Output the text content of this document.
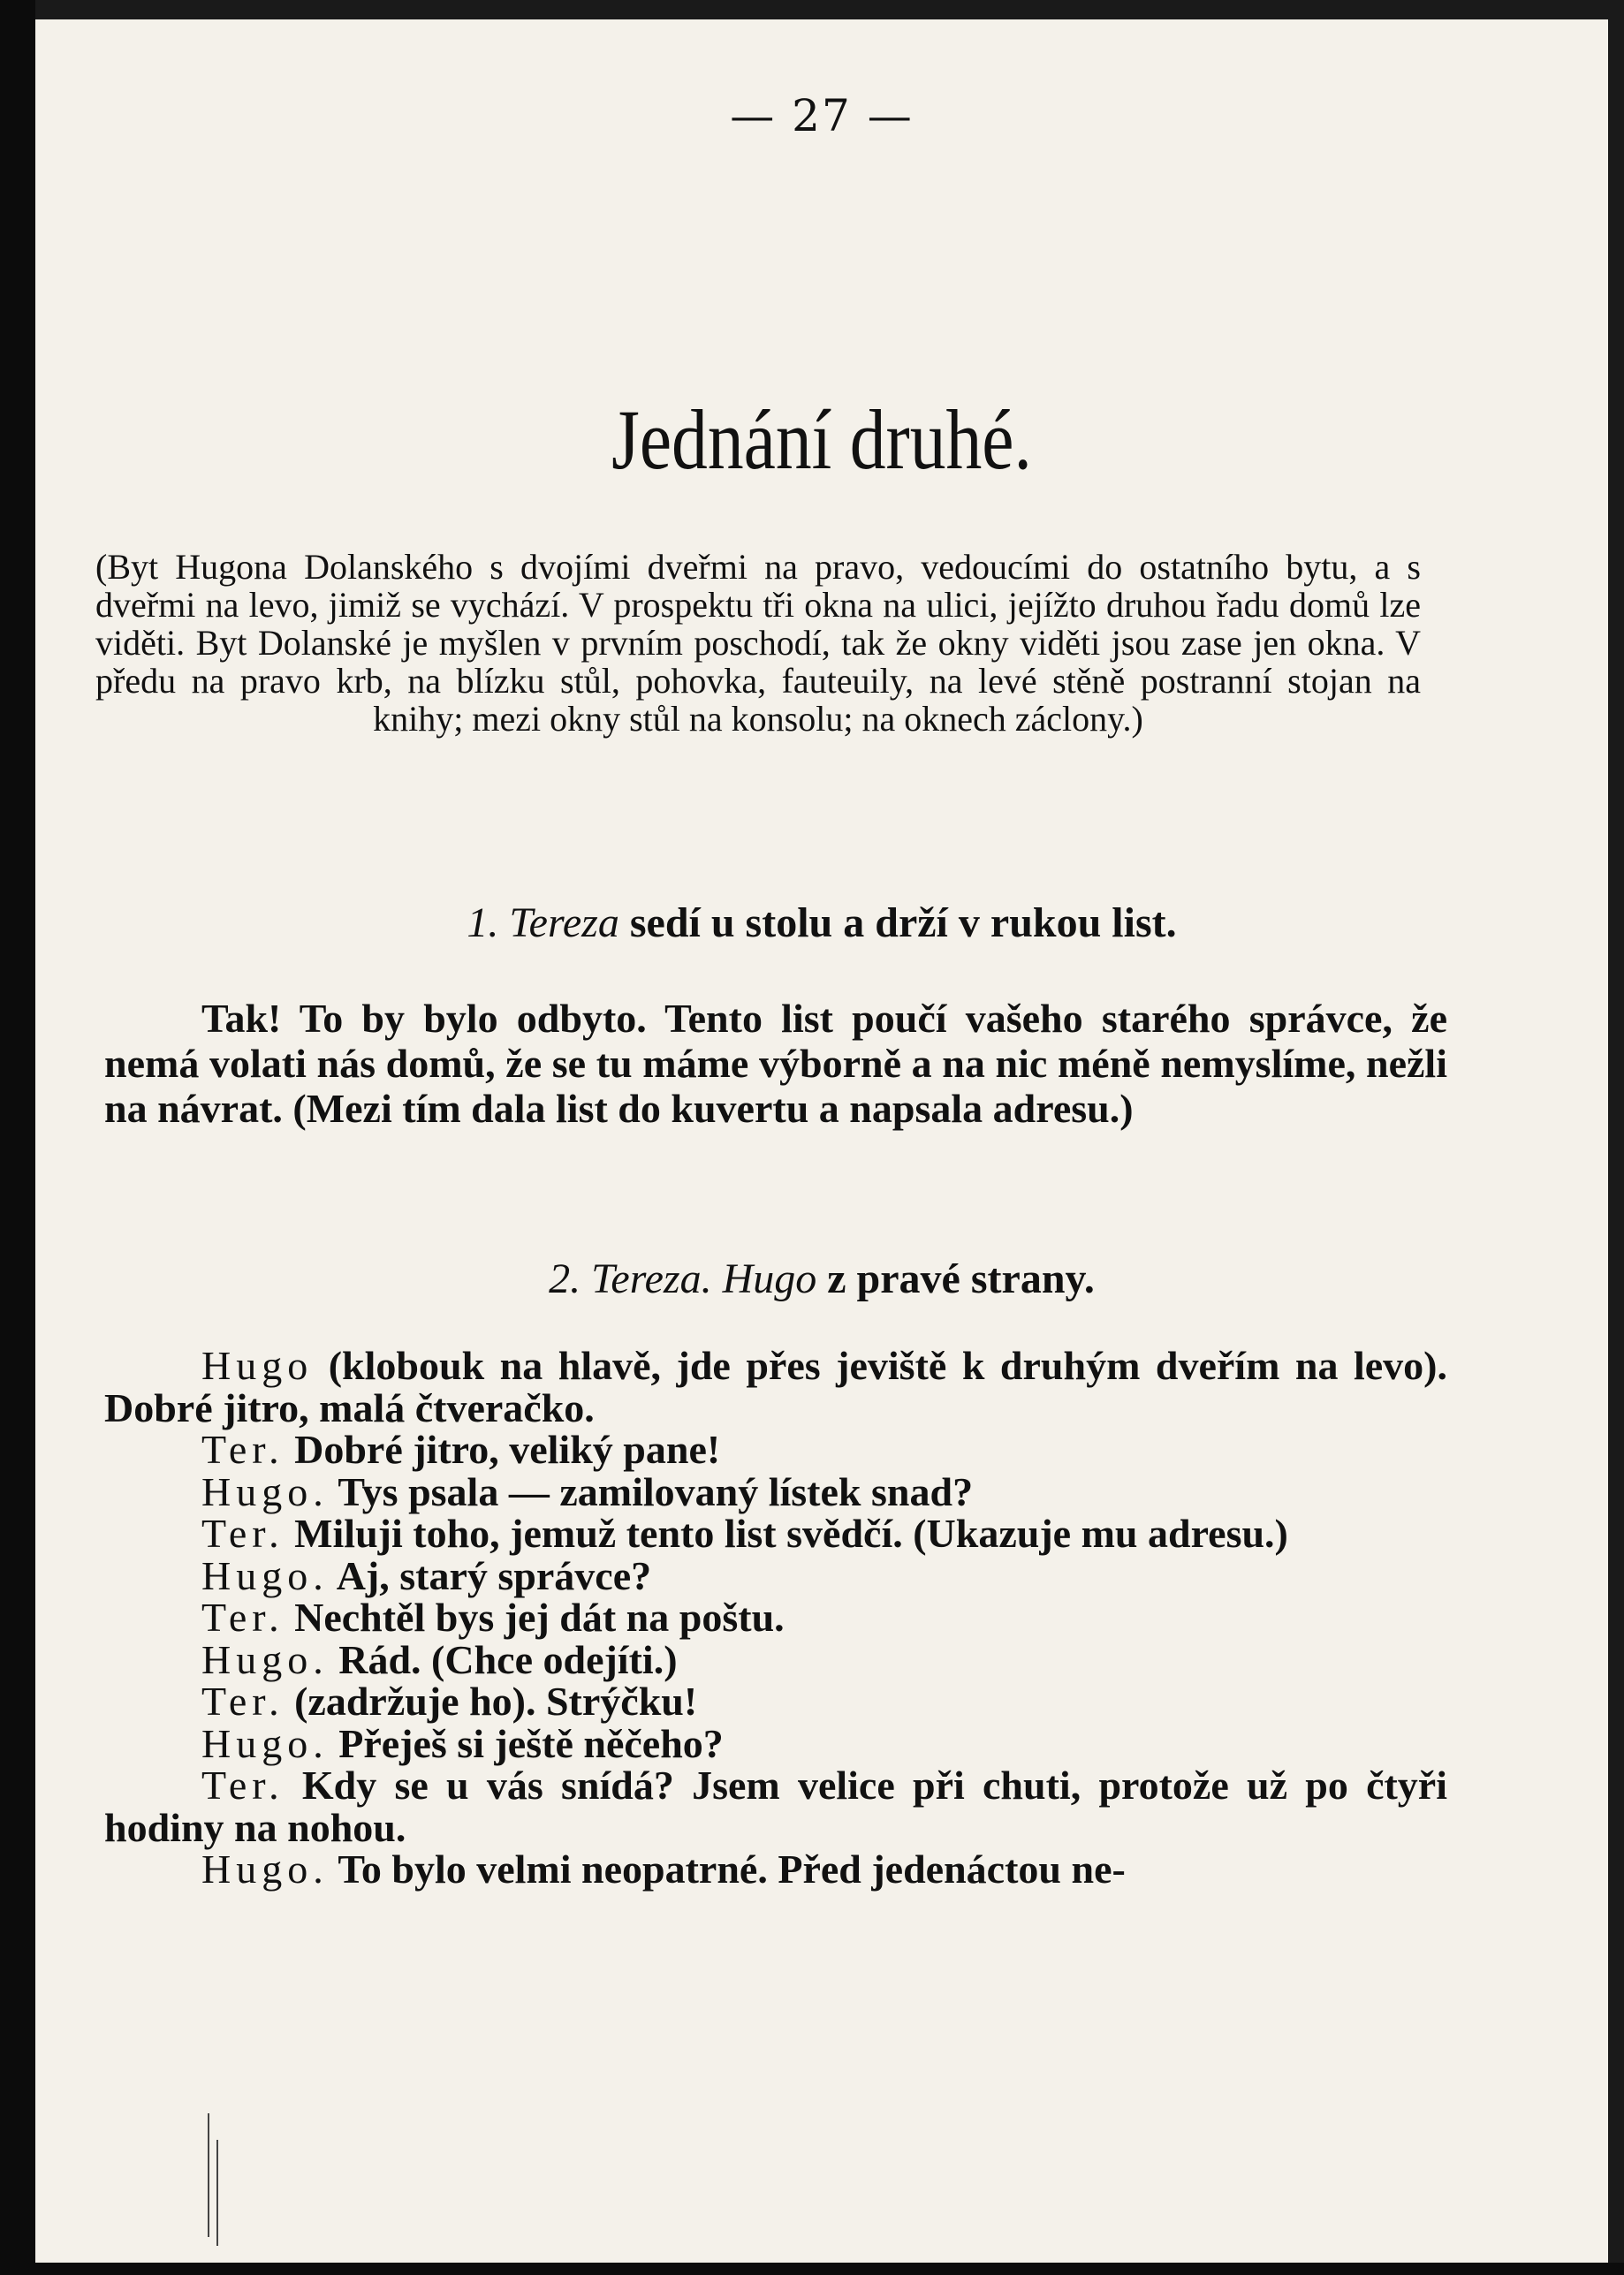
— 27 —
Jednání druhé.
(Byt Hugona Dolanského s dvojími dveřmi na pravo, vedoucími do ostatního bytu, a s dveřmi na levo, jimiž se vychází. V prospektu tři okna na ulici, jejížto druhou řadu domů lze viděti. Byt Dolanské je myšlen v prvním poschodí, tak že okny viděti jsou zase jen okna. V předu na pravo krb, na blízku stůl, pohovka, fauteuily, na levé stěně postranní stojan na knihy; mezi okny stůl na konsolu; na oknech záclony.)
1. Tereza sedí u stolu a drží v rukou list.
Tak! To by bylo odbyto. Tento list poučí vašeho starého správce, že nemá volati nás domů, že se tu máme výborně a na nic méně nemyslíme, nežli na návrat. (Mezi tím dala list do kuvertu a napsala adresu.)
2. Tereza. Hugo z pravé strany.
Hugo (klobouk na hlavě, jde přes jeviště k druhým dveřím na levo). Dobré jitro, malá čtveračko.
Ter. Dobré jitro, veliký pane!
Hugo. Tys psala — zamilovaný lístek snad?
Ter. Miluji toho, jemuž tento list svědčí. (Ukazuje mu adresu.)
Hugo. Aj, starý správce?
Ter. Nechtěl bys jej dát na poštu.
Hugo. Rád. (Chce odejíti.)
Ter. (zadržuje ho). Strýčku!
Hugo. Přeješ si ještě něčeho?
Ter. Kdy se u vás snídá? Jsem velice při chuti, protože už po čtyři hodiny na nohou.
Hugo. To bylo velmi neopatrné. Před jedenáctou ne-
